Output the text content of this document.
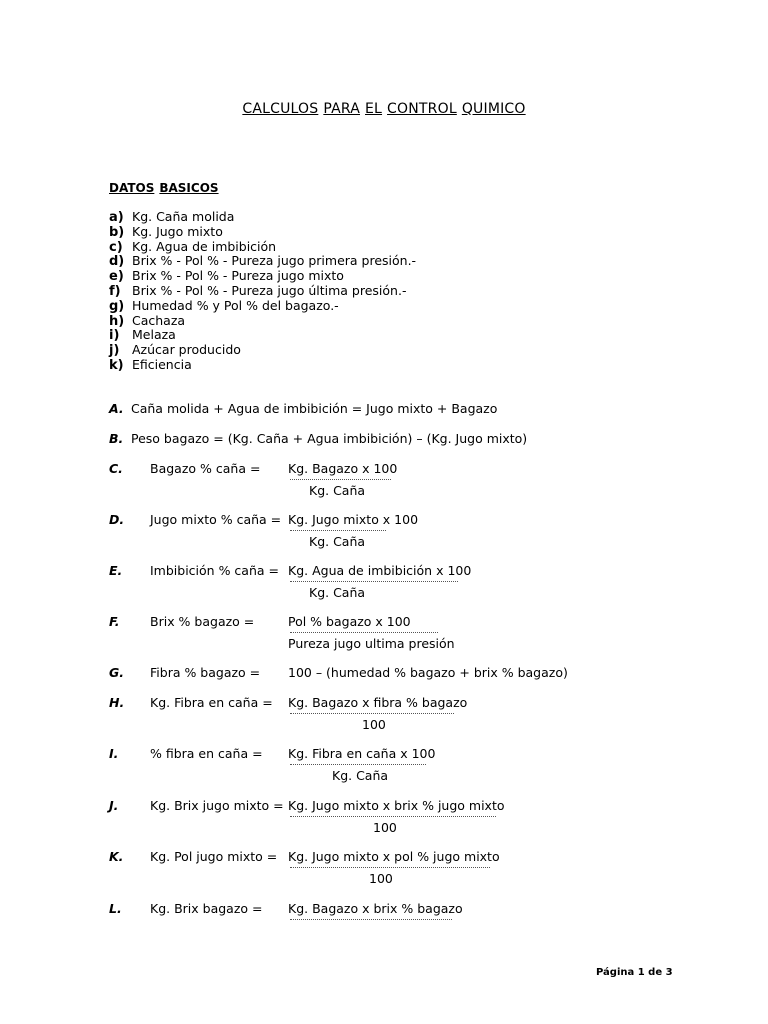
CALCULOS PARA EL CONTROL QUIMICO
DATOS BASICOS
a) Kg. Caña molida
b) Kg. Jugo mixto
c) Kg. Agua de imbibición
d) Brix % - Pol % - Pureza jugo primera presión.-
e) Brix % - Pol % - Pureza jugo mixto
f) Brix % - Pol % - Pureza jugo última presión.-
g) Humedad % y Pol % del bagazo.-
h) Cachaza
i) Melaza
j) Azúcar producido
k) Eficiencia
A. Caña molida + Agua de imbibición = Jugo mixto + Bagazo
B. Peso bagazo = (Kg. Caña + Agua imbibición) – (Kg. Jugo mixto)
C. Bagazo % caña = Kg. Bagazo x 100
Kg. Caña
D. Jugo mixto % caña = Kg. Jugo mixto x 100
Kg. Caña
E. Imbibición % caña = Kg. Agua de imbibición x 100
Kg. Caña
F. Brix % bagazo =	Pol % bagazo x 100
Pureza jugo ultima presión
G. Fibra % bagazo = 100 – (humedad % bagazo + brix % bagazo)
H. Kg. Fibra en caña = Kg. Bagazo x fibra % bagazo
100
I.	% fibra en caña = Kg. Fibra en caña x 100
Kg. Caña
J.	Kg. Brix jugo mixto = Kg. Jugo mixto x brix % jugo mixto
100
K. Kg. Pol jugo mixto = Kg. Jugo mixto x pol % jugo mixto
100
L. Kg. Brix bagazo = Kg. Bagazo x brix % bagazo
Página 1 de 3
